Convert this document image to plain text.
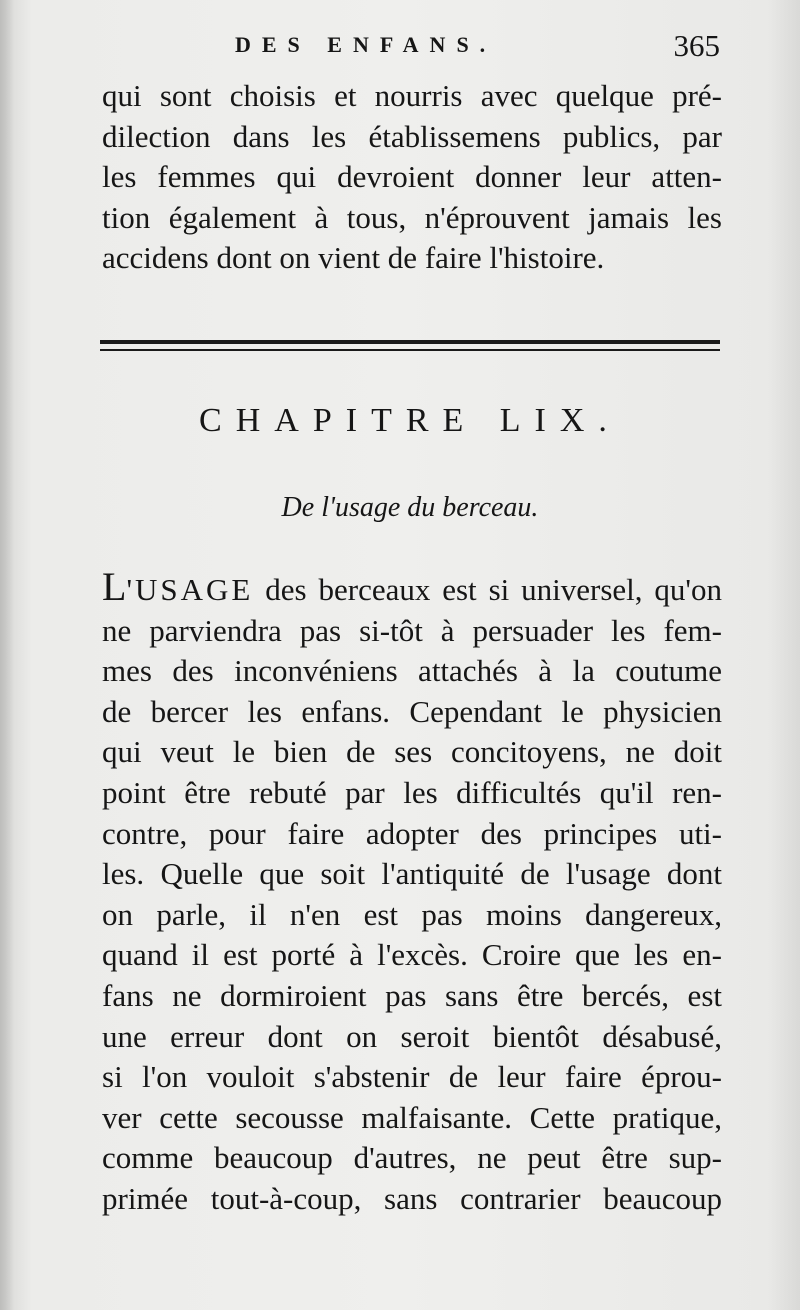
DES ENFANS.	365
qui sont choisis et nourris avec quelque pré-
dilection dans les établissemens publics, par
les femmes qui devroient donner leur atten-
tion également à tous, n'éprouvent jamais les
accidens dont on vient de faire l'histoire.
CHAPITRE LIX.
De l'usage du berceau.
L'USAGE des berceaux est si universel, qu'on
ne parviendra pas si-tôt à persuader les fem-
mes des inconvéniens attachés à la coutume
de bercer les enfans. Cependant le physicien
qui veut le bien de ses concitoyens, ne doit
point être rebuté par les difficultés qu'il ren-
contre, pour faire adopter des principes uti-
les. Quelle que soit l'antiquité de l'usage dont
on parle, il n'en est pas moins dangereux,
quand il est porté à l'excès. Croire que les en-
fans ne dormiroient pas sans être bercés, est
une erreur dont on seroit bientôt désabusé,
si l'on vouloit s'abstenir de leur faire éprou-
ver cette secousse malfaisante. Cette pratique,
comme beaucoup d'autres, ne peut être sup-
primée tout-à-coup, sans contrarier beaucoup
